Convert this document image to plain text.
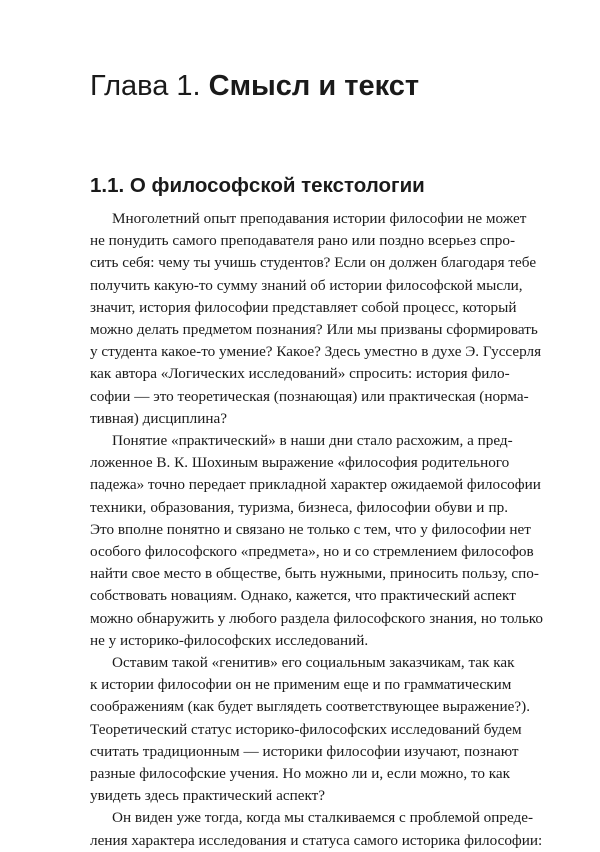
Глава 1. Смысл и текст
1.1. О философской текстологии

Многолетний опыт преподавания истории философии не может
не понудить самого преподавателя рано или поздно всерьез спро-
сить себя: чему ты учишь студентов? Если он должен благодаря тебе
получить какую-то сумму знаний об истории философской мысли,
значит, история философии представляет собой процесс, который
можно делать предметом познания? Или мы призваны сформировать
у студента какое-то умение? Какое? Здесь уместно в духе Э. Гуссерля
как автора «Логических исследований» спросить: история фило-
софии — это теоретическая (познающая) или практическая (норма-
тивная) дисциплина?

Понятие «практический» в наши дни стало расхожим, а пред-
ложенное В. К. Шохиным выражение «философия родительного
падежа» точно передает прикладной характер ожидаемой философии
техники, образования, туризма, бизнеса, философии обуви и пр.
Это вполне понятно и связано не только с тем, что у философии нет
особого философского «предмета», но и со стремлением философов
найти свое место в обществе, быть нужными, приносить пользу, спо-
собствовать новациям. Однако, кажется, что практический аспект
можно обнаружить у любого раздела философского знания, но только
не у историко-философских исследований.

Оставим такой «генитив» его социальным заказчикам, так как
к истории философии он не применим еще и по грамматическим
соображениям (как будет выглядеть соответствующее выражение?).
Теоретический статус историко-философских исследований будем
считать традиционным — историки философии изучают, познают
разные философские учения. Но можно ли и, если можно, то как
увидеть здесь практический аспект?

Он виден уже тогда, когда мы сталкиваемся с проблемой опреде-
ления характера исследования и статуса самого историка философии:
